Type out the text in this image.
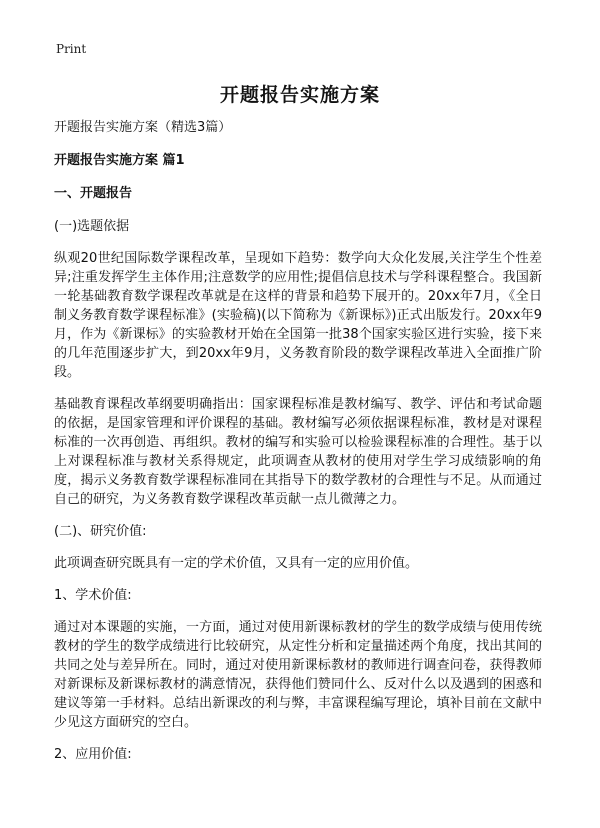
Print
开题报告实施方案

开题报告实施方案（精选3篇）

开题报告实施方案 篇1

一、开题报告

(一)选题依据

纵观20世纪国际数学课程改革，呈现如下趋势：数学向大众化发展,关注学生个性差异;注重发挥学生主体作用;注意数学的应用性;提倡信息技术与学科课程整合。我国新一轮基础教育数学课程改革就是在这样的背景和趋势下展开的。20xx年7月，《全日制义务教育数学课程标准》(实验稿)(以下简称为《新课标》)正式出版发行。20xx年9月，作为《新课标》的实验教材开始在全国第一批38个国家实验区进行实验，接下来的几年范围逐步扩大，到20xx年9月，义务教育阶段的数学课程改革进入全面推广阶段。

基础教育课程改革纲要明确指出：国家课程标准是教材编写、教学、评估和考试命题的依据，是国家管理和评价课程的基础。教材编写必须依据课程标准，教材是对课程标准的一次再创造、再组织。教材的编写和实验可以检验课程标准的合理性。基于以上对课程标准与教材关系得规定，此项调查从教材的使用对学生学习成绩影响的角度，揭示义务教育数学课程标准同在其指导下的数学教材的合理性与不足。从而通过自己的研究，为义务教育数学课程改革贡献一点儿微薄之力。

(二)、研究价值:

此项调查研究既具有一定的学术价值，又具有一定的应用价值。

1、学术价值:

通过对本课题的实施，一方面，通过对使用新课标教材的学生的数学成绩与使用传统教材的学生的数学成绩进行比较研究，从定性分析和定量描述两个角度，找出其间的共同之处与差异所在。同时，通过对使用新课标教材的教师进行调查问卷，获得教师对新课标及新课标教材的满意情况，获得他们赞同什么、反对什么以及遇到的困惑和建议等第一手材料。总结出新课改的利与弊，丰富课程编写理论，填补目前在文献中少见这方面研究的空白。

2、应用价值:
